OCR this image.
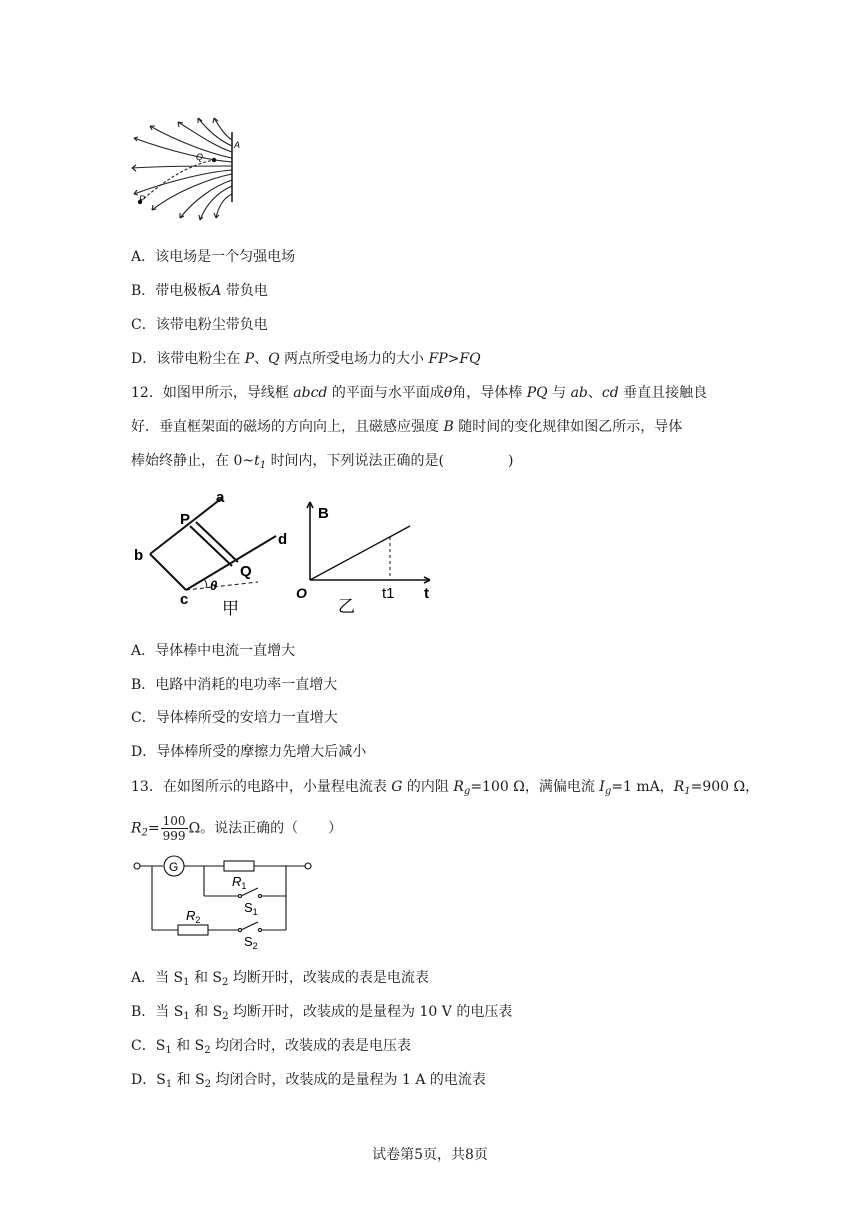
A
Q
P
A．该电场是一个匀强电场
B．带电极板A 带负电
C．该带电粉尘带负电
D．该带电粉尘在 P、Q 两点所受电场力的大小 FP>FQ
12．如图甲所示，导线框 abcd 的平面与水平面成θ角，导体棒 PQ 与 ab、cd 垂直且接触良
好．垂直框架面的磁场的方向向上，且磁感应强度 B 随时间的变化规律如图乙所示，导体
棒始终静止，在 $0\sim t_1$ 时间内，下列说法正确的是(	)
a
b
c
d
P
Q
θ
甲
B
O	t1 t
乙
A．导体棒中电流一直增大
B．电路中消耗的电功率一直增大
C．导体棒所受的安培力一直增大
D．导体棒所受的摩擦力先增大后减小
13．在如图所示的电路中，小量程电流表 G 的内阻 $R_g=100$ Ω，满偏电流 $I_g=1$ mA，$R_1=900$ Ω，
$R_2= \frac{100}{999}$ Ω。说法正确的（ ）
G
$R_1$
$R_2$
$S_1$
$S_2$
A．当 $S_1$ 和 $S_2$ 均断开时，改装成的表是电流表
B．当 $S_1$ 和 $S_2$ 均断开时，改装成的是量程为 10 V 的电压表
C．$S_1$ 和 $S_2$ 均闭合时，改装成的表是电压表
D．$S_1$ 和 $S_2$ 均闭合时，改装成的是量程为 1 A 的电流表
试卷第5页，共8页
